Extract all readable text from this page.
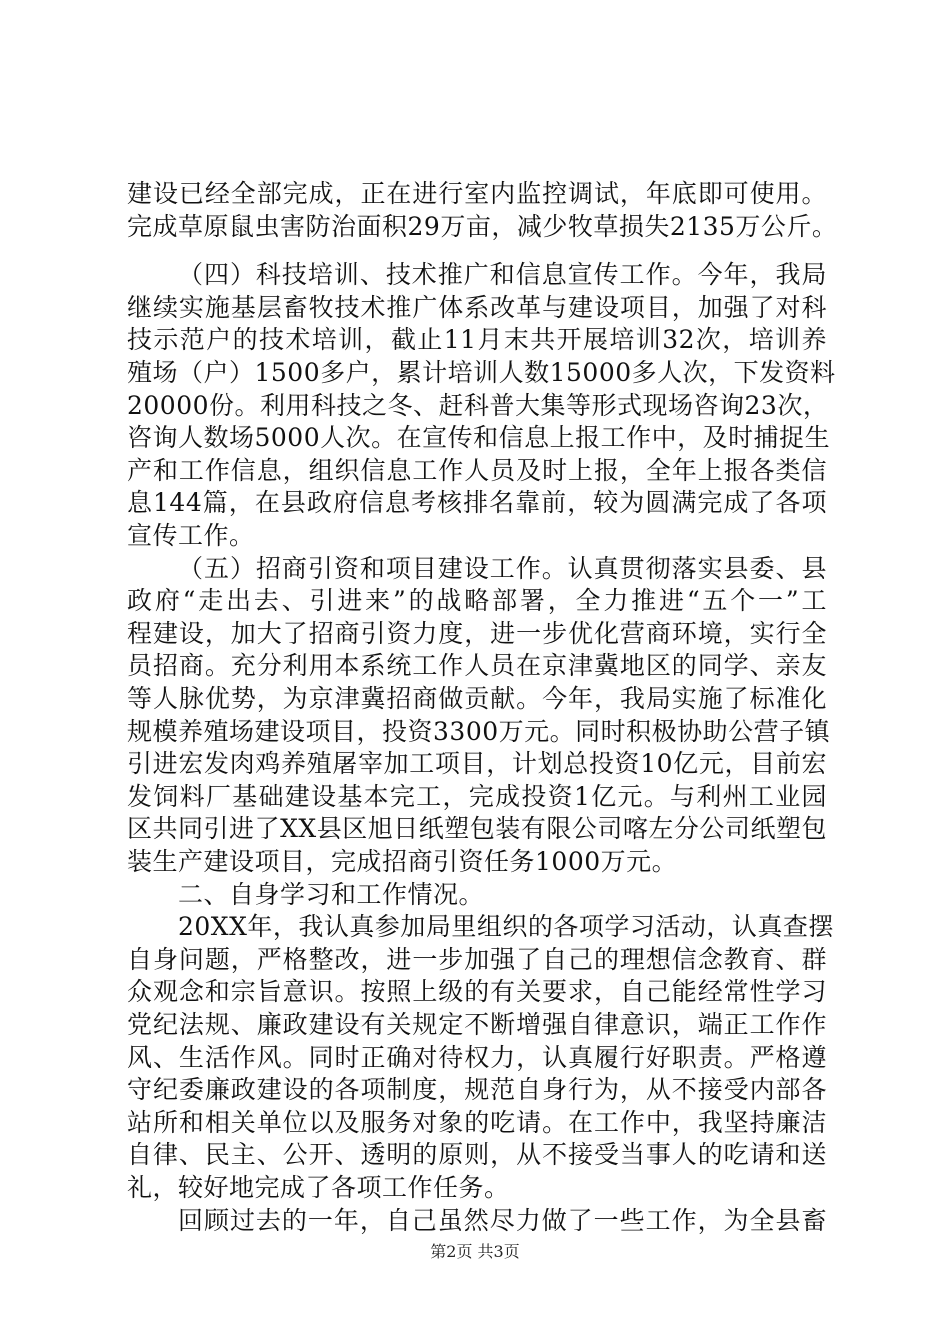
建设已经全部完成，正在进行室内监控调试，年底即可使用。
完成草原鼠虫害防治面积29万亩，减少牧草损失2135万公斤。
（四）科技培训、技术推广和信息宣传工作。今年，我局
继续实施基层畜牧技术推广体系改革与建设项目，加强了对科
技示范户的技术培训，截止11月末共开展培训32次，培训养
殖场（户）1500多户，累计培训人数15000多人次，下发资料
20000份。利用科技之冬、赶科普大集等形式现场咨询23次，
咨询人数场5000人次。在宣传和信息上报工作中，及时捕捉生
产和工作信息，组织信息工作人员及时上报，全年上报各类信
息144篇，在县政府信息考核排名靠前，较为圆满完成了各项
宣传工作。
（五）招商引资和项目建设工作。认真贯彻落实县委、县
政府“走出去、引进来”的战略部署，全力推进“五个一”工
程建设，加大了招商引资力度，进一步优化营商环境，实行全
员招商。充分利用本系统工作人员在京津冀地区的同学、亲友
等人脉优势，为京津冀招商做贡献。今年，我局实施了标准化
规模养殖场建设项目，投资3300万元。同时积极协助公营子镇
引进宏发肉鸡养殖屠宰加工项目，计划总投资10亿元，目前宏
发饲料厂基础建设基本完工，完成投资1亿元。与利州工业园
区共同引进了XX县区旭日纸塑包装有限公司喀左分公司纸塑包
装生产建设项目，完成招商引资任务1000万元。
二、自身学习和工作情况。
20XX年，我认真参加局里组织的各项学习活动，认真查摆
自身问题，严格整改，进一步加强了自己的理想信念教育、群
众观念和宗旨意识。按照上级的有关要求，自己能经常性学习
党纪法规、廉政建设有关规定不断增强自律意识，端正工作作
风、生活作风。同时正确对待权力，认真履行好职责。严格遵
守纪委廉政建设的各项制度，规范自身行为，从不接受内部各
站所和相关单位以及服务对象的吃请。在工作中，我坚持廉洁
自律、民主、公开、透明的原则，从不接受当事人的吃请和送
礼，较好地完成了各项工作任务。
回顾过去的一年，自己虽然尽力做了一些工作，为全县畜
第2页 共3页
